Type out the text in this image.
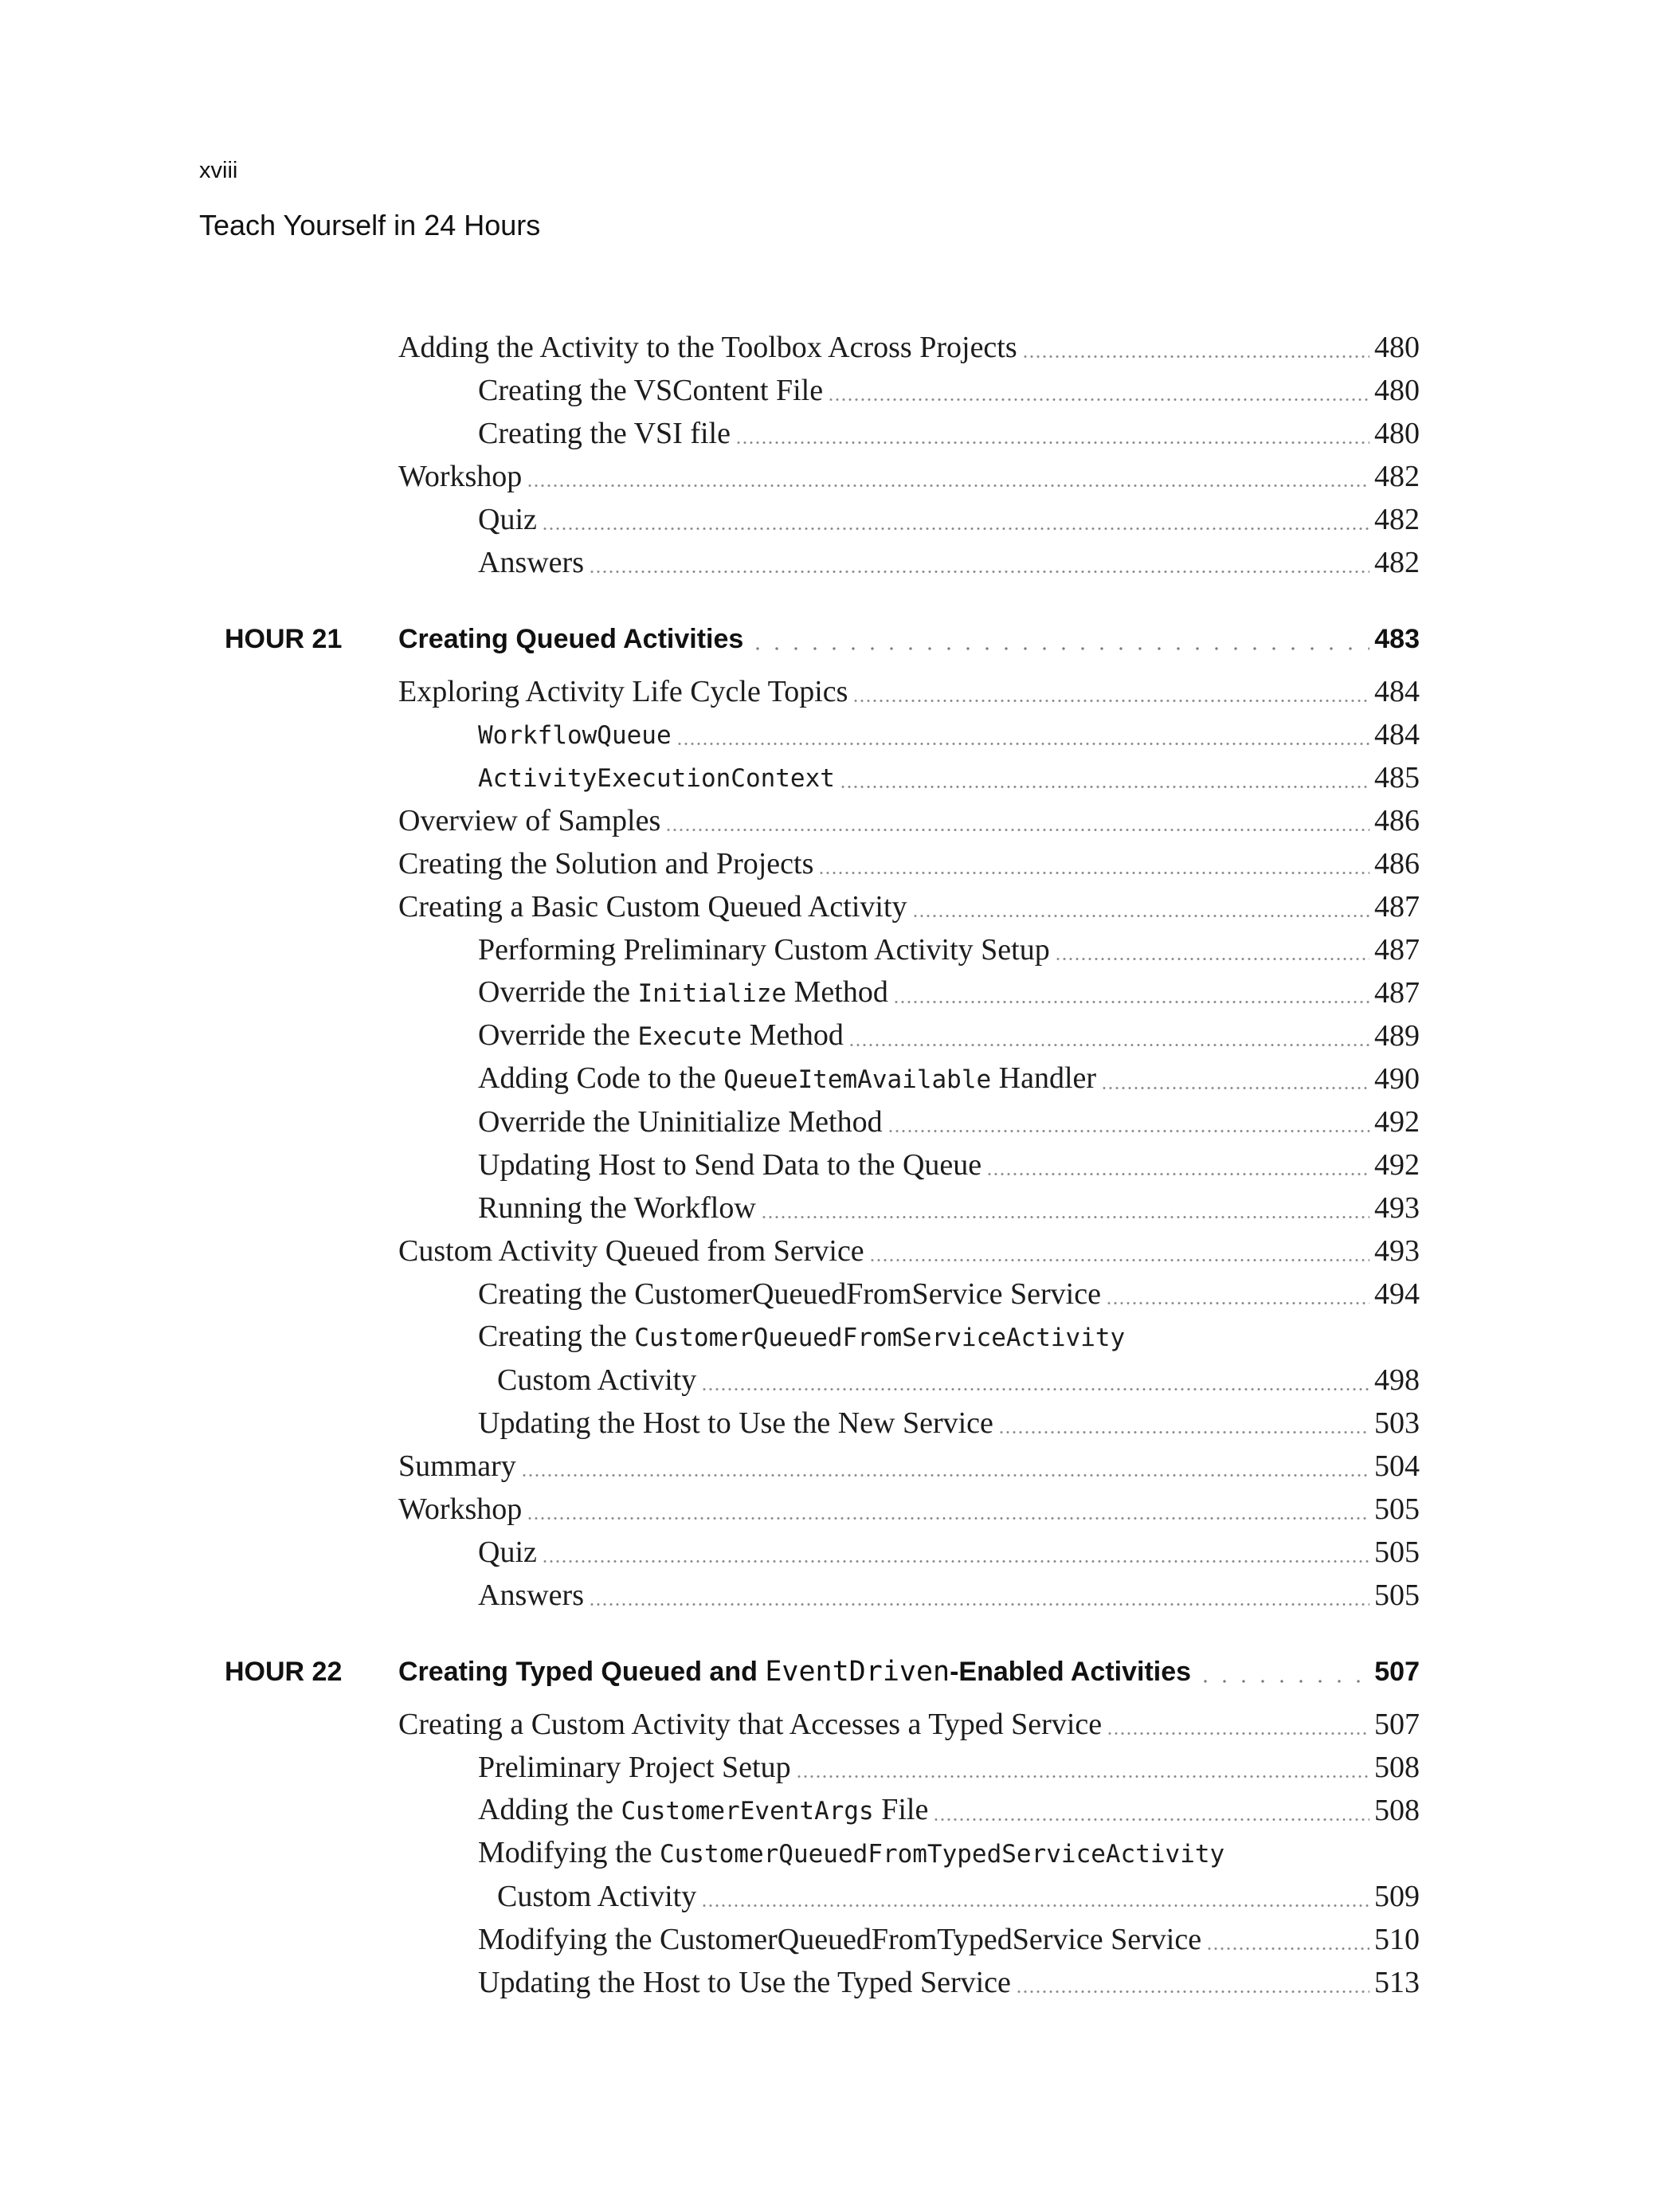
xviii
Teach Yourself in 24 Hours
Adding the Activity to the Toolbox Across Projects	480
Creating the VSContent File	480
Creating the VSI file	480
Workshop	482
Quiz	482
Answers	482
HOUR 21 Creating Queued Activities	483
Exploring Activity Life Cycle Topics	484
WorkflowQueue	484
ActivityExecutionContext	485
Overview of Samples	486
Creating the Solution and Projects	486
Creating a Basic Custom Queued Activity	487
Performing Preliminary Custom Activity Setup	487
Override the Initialize Method	487
Override the Execute Method	489
Adding Code to the QueueItemAvailable Handler	490
Override the Uninitialize Method	492
Updating Host to Send Data to the Queue	492
Running the Workflow	493
Custom Activity Queued from Service	493
Creating the CustomerQueuedFromService Service	494
Creating the CustomerQueuedFromServiceActivity
Custom Activity	498
Updating the Host to Use the New Service	503
Summary	504
Workshop	505
Quiz	505
Answers	505
HOUR 22 Creating Typed Queued and EventDriven-Enabled Activities	507
Creating a Custom Activity that Accesses a Typed Service	507
Preliminary Project Setup	508
Adding the CustomerEventArgs File	508
Modifying the CustomerQueuedFromTypedServiceActivity
Custom Activity	509
Modifying the CustomerQueuedFromTypedService Service	510
Updating the Host to Use the Typed Service	513
